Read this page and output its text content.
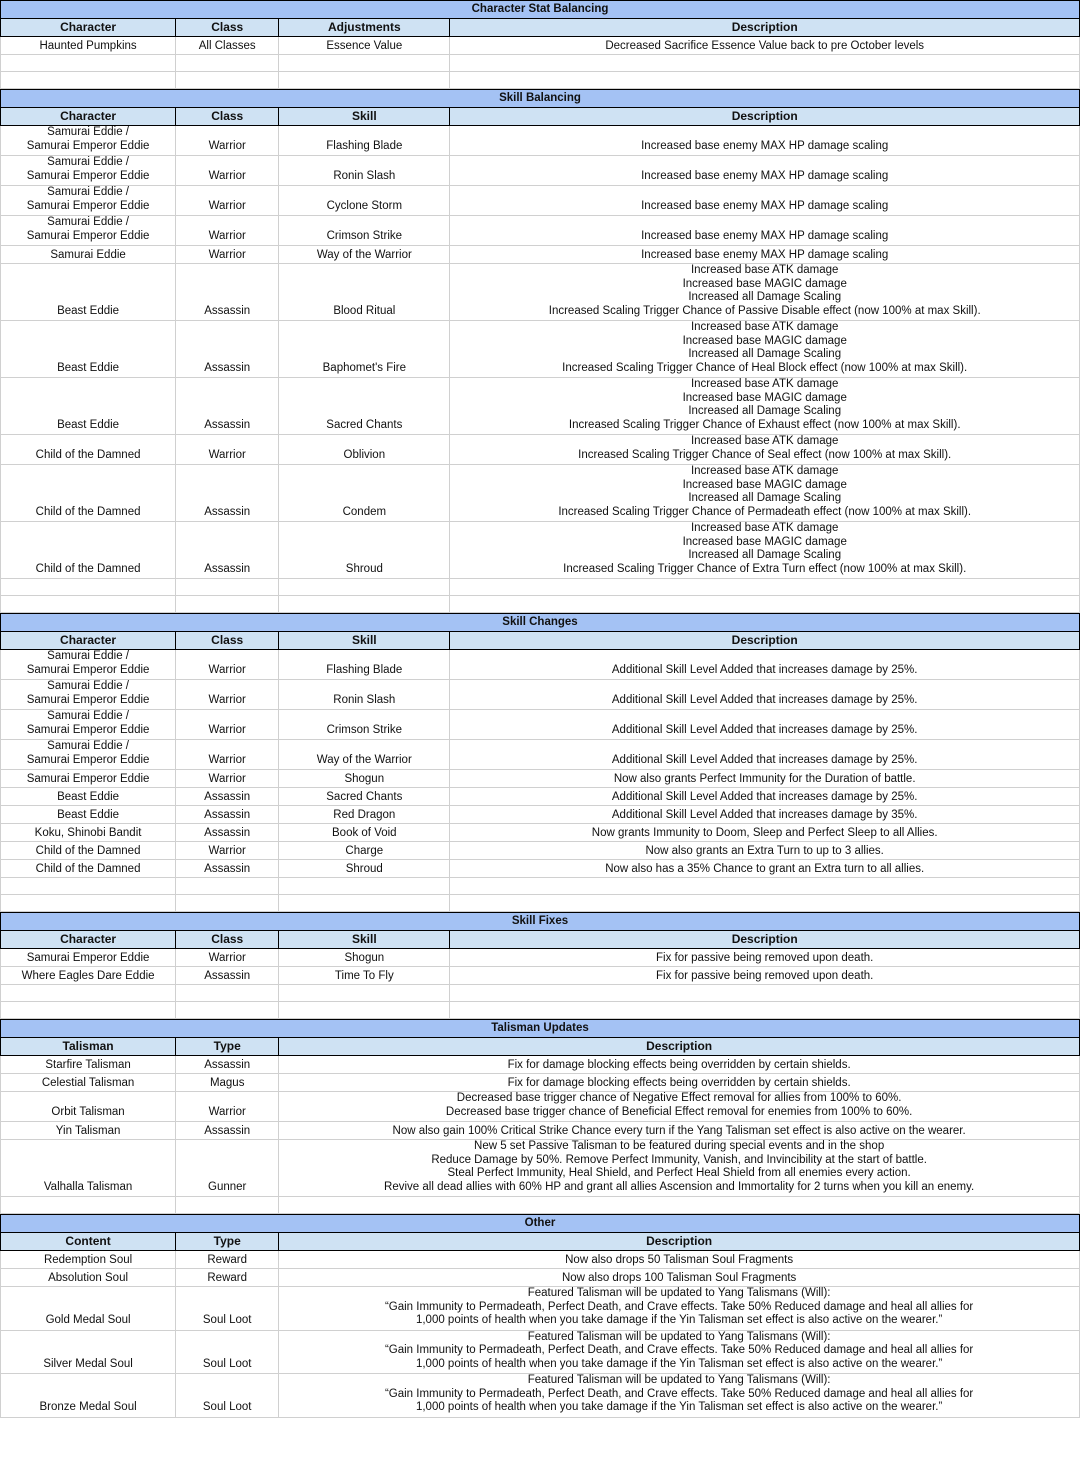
Character Stat Balancing			
Character	Class	Adjustments	Description

Haunted Pumpkins	All Classes	Essence Value	Decreased Sacrifice Essence Value back to pre October levels

Skill Balancing			
Character	Class	Skill	Description

Samurai Eddie /
Samurai Emperor Eddie	Warrior	Flashing Blade	Increased base enemy MAX HP damage scaling

Samurai Eddie /
Samurai Emperor Eddie	Warrior	Ronin Slash	Increased base enemy MAX HP damage scaling

Samurai Eddie /
Samurai Emperor Eddie	Warrior	Cyclone Storm	Increased base enemy MAX HP damage scaling

Samurai Eddie /
Samurai Emperor Eddie	Warrior	Crimson Strike	Increased base enemy MAX HP damage scaling

Samurai Eddie	Warrior	Way of the Warrior	Increased base enemy MAX HP damage scaling

Beast Eddie	Assassin	Blood Ritual	Increased base ATK damage
Increased base MAGIC damage
Increased all Damage Scaling
Increased Scaling Trigger Chance of Passive Disable effect (now 100% at max Skill).

Beast Eddie	Assassin	Baphomet's Fire	Increased base ATK damage
Increased base MAGIC damage
Increased all Damage Scaling
Increased Scaling Trigger Chance of Heal Block effect (now 100% at max Skill).

Beast Eddie	Assassin	Sacred Chants	Increased base ATK damage
Increased base MAGIC damage
Increased all Damage Scaling
Increased Scaling Trigger Chance of Exhaust effect (now 100% at max Skill).

Child of the Damned	Warrior	Oblivion	Increased base ATK damage
Increased Scaling Trigger Chance of Seal effect (now 100% at max Skill).

Child of the Damned	Assassin	Condem	Increased base ATK damage
Increased base MAGIC damage
Increased all Damage Scaling
Increased Scaling Trigger Chance of Permadeath effect (now 100% at max Skill).

Child of the Damned	Assassin	Shroud	Increased base ATK damage
Increased base MAGIC damage
Increased all Damage Scaling
Increased Scaling Trigger Chance of Extra Turn effect (now 100% at max Skill).

Skill Changes			
Character	Class	Skill	Description

Samurai Eddie /
Samurai Emperor Eddie	Warrior	Flashing Blade	Additional Skill Level Added that increases damage by 25%.

Samurai Eddie /
Samurai Emperor Eddie	Warrior	Ronin Slash	Additional Skill Level Added that increases damage by 25%.

Samurai Eddie /
Samurai Emperor Eddie	Warrior	Crimson Strike	Additional Skill Level Added that increases damage by 25%.

Samurai Eddie /
Samurai Emperor Eddie	Warrior	Way of the Warrior	Additional Skill Level Added that increases damage by 25%.

Samurai Emperor Eddie	Warrior	Shogun	Now also grants Perfect Immunity for the Duration of battle.

Beast Eddie	Assassin	Sacred Chants	Additional Skill Level Added that increases damage by 25%.

Beast Eddie	Assassin	Red Dragon	Additional Skill Level Added that increases damage by 35%.

Koku, Shinobi Bandit	Assassin	Book of Void	Now grants Immunity to Doom, Sleep and Perfect Sleep to all Allies.

Child of the Damned	Warrior	Charge	Now also grants an Extra Turn to up to 3 allies.

Child of the Damned	Assassin	Shroud	Now also has a 35% Chance to grant an Extra turn to all allies.

Skill Fixes			
Character	Class	Skill	Description

Samurai Emperor Eddie	Warrior	Shogun	Fix for passive being removed upon death.

Where Eagles Dare Eddie	Assassin	Time To Fly	Fix for passive being removed upon death.

Talisman Updates		
Talisman	Type	Description

Starfire Talisman	Assassin	Fix for damage blocking effects being overridden by certain shields.

Celestial Talisman	Magus	Fix for damage blocking effects being overridden by certain shields.

Orbit Talisman	Warrior	Decreased base trigger chance of Negative Effect removal for allies from 100% to 60%.
Decreased base trigger chance of Beneficial Effect removal for enemies from 100% to 60%.

Yin Talisman	Assassin	Now also gain 100% Critical Strike Chance every turn if the Yang Talisman set effect is also active on the wearer.

Valhalla Talisman	Gunner	New 5 set Passive Talisman to be featured during special events and in the shop
Reduce Damage by 50%. Remove Perfect Immunity, Vanish, and Invincibility at the start of battle.
Steal Perfect Immunity, Heal Shield, and Perfect Heal Shield from all enemies every action.
Revive all dead allies with 60% HP and grant all allies Ascension and Immortality for 2 turns when you kill an enemy.

Other		
Content	Type	Description

Redemption Soul	Reward	Now also drops 50 Talisman Soul Fragments

Absolution Soul	Reward	Now also drops 100 Talisman Soul Fragments

Gold Medal Soul	Soul Loot	Featured Talisman will be updated to Yang Talismans (Will):
“Gain Immunity to Permadeath, Perfect Death, and Crave effects. Take 50% Reduced damage and heal all allies for
1,000 points of health when you take damage if the Yin Talisman set effect is also active on the wearer.”

Silver Medal Soul	Soul Loot	Featured Talisman will be updated to Yang Talismans (Will):
“Gain Immunity to Permadeath, Perfect Death, and Crave effects. Take 50% Reduced damage and heal all allies for
1,000 points of health when you take damage if the Yin Talisman set effect is also active on the wearer.”

Bronze Medal Soul	Soul Loot	Featured Talisman will be updated to Yang Talismans (Will):
“Gain Immunity to Permadeath, Perfect Death, and Crave effects. Take 50% Reduced damage and heal all allies for
1,000 points of health when you take damage if the Yin Talisman set effect is also active on the wearer.”
